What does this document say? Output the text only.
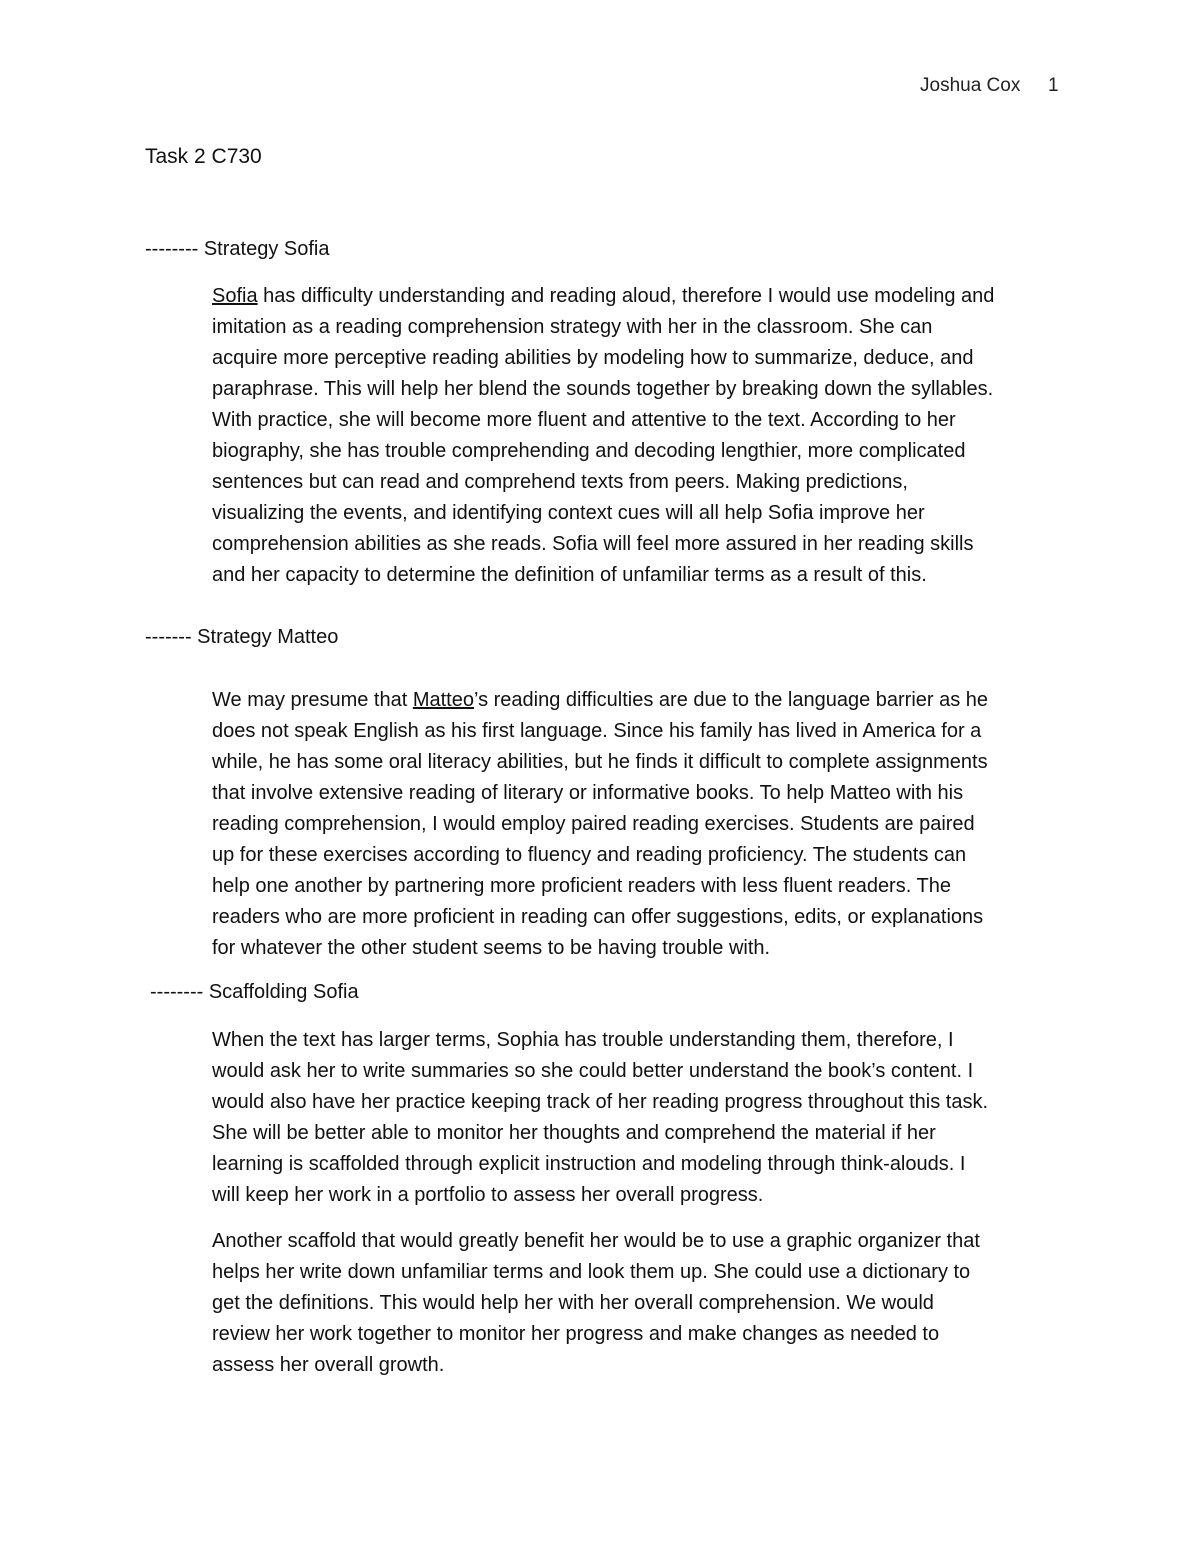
Joshua Cox 1
Task 2 C730
-------- Strategy Sofia

Sofia has difficulty understanding and reading aloud, therefore I would use modeling and
imitation as a reading comprehension strategy with her in the classroom. She can
acquire more perceptive reading abilities by modeling how to summarize, deduce, and
paraphrase. This will help her blend the sounds together by breaking down the syllables.
With practice, she will become more fluent and attentive to the text. According to her
biography, she has trouble comprehending and decoding lengthier, more complicated
sentences but can read and comprehend texts from peers. Making predictions,
visualizing the events, and identifying context cues will all help Sofia improve her
comprehension abilities as she reads. Sofia will feel more assured in her reading skills
and her capacity to determine the definition of unfamiliar terms as a result of this.

------- Strategy Matteo

We may presume that Matteo’s reading difficulties are due to the language barrier as he
does not speak English as his first language. Since his family has lived in America for a
while, he has some oral literacy abilities, but he finds it difficult to complete assignments
that involve extensive reading of literary or informative books. To help Matteo with his
reading comprehension, I would employ paired reading exercises. Students are paired
up for these exercises according to fluency and reading proficiency. The students can
help one another by partnering more proficient readers with less fluent readers. The
readers who are more proficient in reading can offer suggestions, edits, or explanations
for whatever the other student seems to be having trouble with.

-------- Scaffolding Sofia

When the text has larger terms, Sophia has trouble understanding them, therefore, I
would ask her to write summaries so she could better understand the book’s content. I
would also have her practice keeping track of her reading progress throughout this task.
She will be better able to monitor her thoughts and comprehend the material if her
learning is scaffolded through explicit instruction and modeling through think-alouds. I
will keep her work in a portfolio to assess her overall progress.

Another scaffold that would greatly benefit her would be to use a graphic organizer that
helps her write down unfamiliar terms and look them up. She could use a dictionary to
get the definitions. This would help her with her overall comprehension. We would
review her work together to monitor her progress and make changes as needed to
assess her overall growth.
